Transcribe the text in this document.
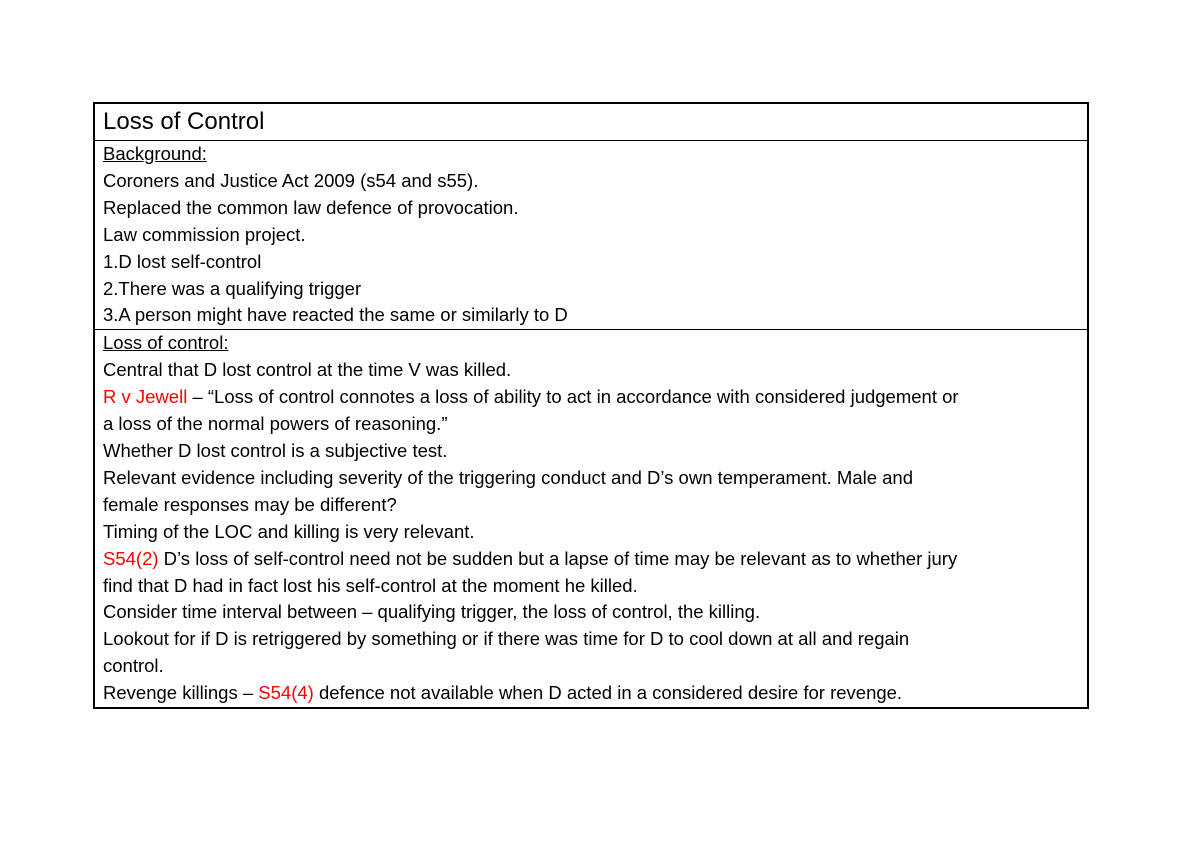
Loss of Control
Background:
Coroners and Justice Act 2009 (s54 and s55).
Replaced the common law defence of provocation.
Law commission project.
1.D lost self-control
2.There was a qualifying trigger
3.A person might have reacted the same or similarly to D
Loss of control:
Central that D lost control at the time V was killed.
R v Jewell – “Loss of control connotes a loss of ability to act in accordance with considered judgement or
a loss of the normal powers of reasoning.”
Whether D lost control is a subjective test.
Relevant evidence including severity of the triggering conduct and D’s own temperament. Male and
female responses may be different?
Timing of the LOC and killing is very relevant.
S54(2) D’s loss of self-control need not be sudden but a lapse of time may be relevant as to whether jury
find that D had in fact lost his self-control at the moment he killed.
Consider time interval between – qualifying trigger, the loss of control, the killing.
Lookout for if D is retriggered by something or if there was time for D to cool down at all and regain
control.
Revenge killings – S54(4) defence not available when D acted in a considered desire for revenge.
